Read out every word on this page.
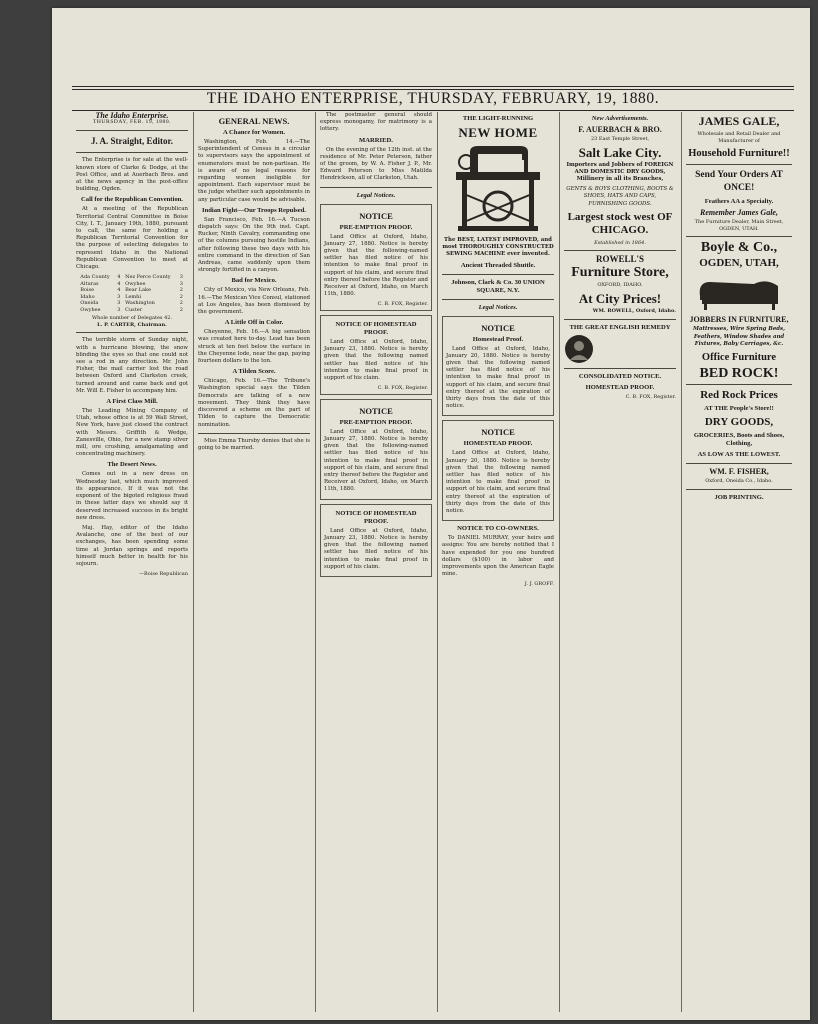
THE IDAHO ENTERPRISE, THURSDAY, FEBRUARY, 19, 1880.
The Idaho Enterprise.
THURSDAY, FEB. 19, 1880.
J. A. Straight, Editor.

The Enterprise is for sale at the well-known store of Clarke & Dodge, at the Post Office, and at Auerbach Bros. and at the news agency in the post-office building, Ogden.

Call for the Republican Convention.

At a meeting of the Republican Territorial Central Committee in Boise City, I. T., January 19th, 1880, pursuant to call, the same for holding a Republican Territorial Convention for the purpose of selecting delegates to represent Idaho in the National Republican Convention to meet at Chicago.

Ada County	4	Nez Perce County	3
Alturas	4	Owyhee	3
Boise	4	Bear Lake	2
Idaho	3	Lemhi	2
Oneida	3	Washington	2
Owyhee	3	Custer	2
Whole number of Delegates 42.
L. P. CARTER, Chairman.

The terrible storm of Sunday night, with a hurricane blowing, the snow blinding the eyes so that one could not see a rod in any direction. Mr. John Fisher, the mail carrier lost the road between Oxford and Clarkston creek, turned around and came back and got Mr. Will E. Fisher to accompany him.

A First Class Mill.

The Leading Mining Company of Utah, whose office is at 59 Wall Street, New York, have just closed the contract with Messrs. Griffith & Wedge, Zanesville, Ohio, for a new stamp silver mill, ore crushing, amalgamating and concentrating machinery.

The Desert News.

Comes out in a new dress on Wednesday last, which much improved its appearance. If it was not the exponent of the bigoted religious fraud in these latter days we should say it deserved increased success in its bright new dress.

Maj. Hay, editor of the Idaho Avalanche, one of the best of our exchanges, has been spending some time at Jordan springs and reports himself much better in health for his sojourn.

—Boise Republican
GENERAL NEWS.
A Chance for Women.

Washington, Feb. 14.—The Superintendent of Census in a circular to supervisors says the appointment of enumerators must be non-partisan. He is aware of no legal reasons for regarding women ineligible for appointment. Each supervisor must be the judge whether such appointments in any particular case would be advisable.

Indian Fight—Our Troops Repulsed.

San Francisco, Feb. 16.—A Tucson dispatch says: On the 9th inst. Capt. Rucker, Ninth Cavalry, commanding one of the columns pursuing hostile Indians, after following these two days with his entire command in the direction of San Andreas, came suddenly upon them strongly fortified in a canyon.

Bad for Mexico.

City of Mexico, via New Orleans, Feb. 16.—The Mexican Vice Consul, stationed at Los Angeles, has been dismissed by the government.

A Little Off in Color.

Cheyenne, Feb. 16.—A big sensation was created here to-day. Lead has been struck at ten feet below the surface in the Cheyenne lode, near the gap, paying fourteen dollars to the ton.

A Tilden Score.

Chicago, Feb. 16.—The Tribune's Washington special says the Tilden Democrats are talking of a new movement. They think they have discovered a scheme on the part of Tilden to capture the Democratic nomination.

Miss Emma Thursby denies that she is going to be married.

The postmaster general should express monogamy, for matrimony is a lottery.

MARRIED.

On the evening of the 12th inst. at the residence of Mr. Peter Peterson, father of the groom, by W. A. Fisher J. P., Mr. Edward Peterson to Miss Matilda Hendrickson, all of Clarkston, Utah.

Legal Notices.
NOTICE
PRE-EMPTION PROOF.

Land Office at Oxford, Idaho, January 27, 1880. Notice is hereby given that the following-named settler has filed notice of his intention to make final proof in support of his claim, and secure final entry thereof before the Register and Receiver at Oxford, Idaho, on March 11th, 1880.

C. B. FOX, Register.
NOTICE OF HOMESTEAD PROOF.

Land Office at Oxford, Idaho, January 23, 1880. Notice is hereby given that the following named settler has filed notice of his intention to make final proof in support of his claim.

C. B. FOX, Register.
NOTICE
PRE-EMPTION PROOF.

Land Office at Oxford, Idaho, January 27, 1880. Notice is hereby given that the following-named settler has filed notice of his intention to make final proof in support of his claim, and secure final entry thereof before the Register and Receiver at Oxford, Idaho, on March 11th, 1880.

NOTICE OF HOMESTEAD PROOF.

Land Office at Oxford, Idaho, January 23, 1880. Notice is hereby given that the following named settler has filed notice of his intention to make final proof in support of his claim.

THE LIGHT-RUNNING
NEW HOME

The BEST, LATEST IMPROVED, and most THOROUGHLY CONSTRUCTED SEWING MACHINE ever invented.

Ancient Threaded Shuttle.
Johnson, Clark & Co. 30 UNION SQUARE, N.Y.
Legal Notices.
NOTICE
Homestead Proof.

Land Office at Oxford, Idaho, January 20, 1880. Notice is hereby given that the following named settler has filed notice of his intention to make final proof in support of his claim, and secure final entry thereof at the expiration of thirty days from the date of this notice.

NOTICE
HOMESTEAD PROOF.

Land Office at Oxford, Idaho, January 20, 1880. Notice is hereby given that the following named settler has filed notice of his intention to make final proof in support of his claim, and secure final entry thereof at the expiration of thirty days from the date of this notice.

NOTICE TO CO-OWNERS.

To DANIEL MURRAY, your heirs and assigns: You are hereby notified that I have expended for you one hundred dollars ($100) in labor and improvements upon the American Eagle mine.

J. J. GROFF.
New Advertisements.
F. AUERBACH & BRO.
23 East Temple Street,
Salt Lake City.

Importers and Jobbers of FOREIGN AND DOMESTIC DRY GOODS, Millinery in all its Branches,

GENTS & BOYS CLOTHING, BOOTS & SHOES, HATS AND CAPS, FURNISHING GOODS.

Largest stock west OF CHICAGO.
Established in 1864.
ROWELL'S
Furniture Store,
OXFORD, IDAHO.
At City Prices!
WM. ROWELL, Oxford, Idaho.
THE GREAT ENGLISH REMEDY
CONSOLIDATED NOTICE.
HOMESTEAD PROOF.
C. B. FOX, Register.
JAMES GALE,
Wholesale and Retail Dealer and Manufacturer of
Household Furniture!!
Send Your Orders AT ONCE!
Feathers AA a Specialty.
Remember James Gale,
The Furniture Dealer, Main Street, OGDEN, UTAH.
Boyle & Co.,
OGDEN, UTAH,
JOBBERS IN FURNITURE,

Mattresses, Wire Spring Beds, Feathers, Window Shades and Fixtures, Baby Carriages, &c.

Office Furniture
BED ROCK!
Red Rock Prices
AT THE People's Store!!
DRY GOODS,
GROCERIES, Boots and Shoes, Clothing,
AS LOW AS THE LOWEST.
WM. F. FISHER,
Oxford, Oneida Co., Idaho.
JOB PRINTING.
